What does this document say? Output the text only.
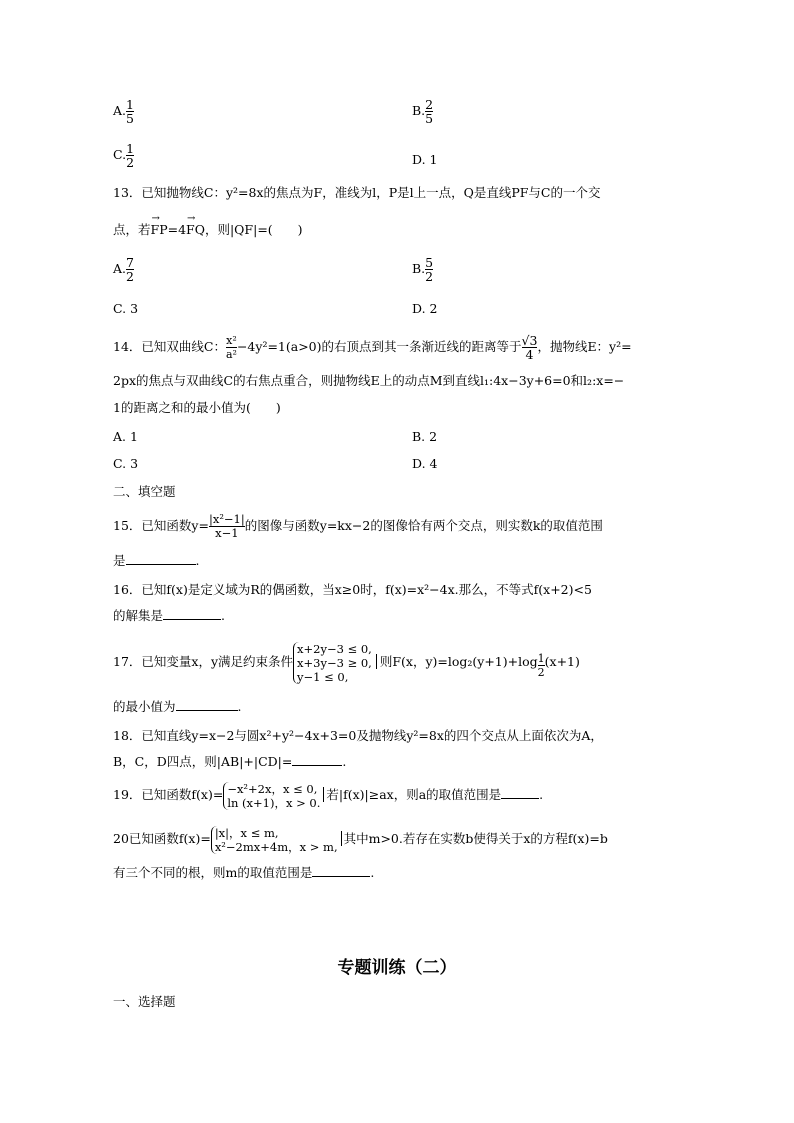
A. $\frac{1}{5}$	B. $\frac{2}{5}$
C. $\frac{1}{2}$	D. 1
13．已知抛物线C：y²=8x的焦点为F，准线为l，P是l上一点，Q是直线PF与C的一个交
点，若→ FP=4→ FQ，则|QF|=(　　)
A. $\frac{7}{2}$	B. $\frac{5}{2}$
C. 3	D. 2
14．已知双曲线C： $\frac{\text{x²}}{\text{a²}} -4y^2=1(a>0)$的右顶点到其一条渐近线的距离等于 $\frac{√3}{4}$ ，抛物线E：y²=
2px的焦点与双曲线C的右焦点重合，则抛物线E上的动点M到直线l₁:4x−3y+6=0和l₂:x=−
1的距离之和的最小值为(　　)
A. 1	B. 2
C. 3	D. 4
二、填空题
15．已知函数$y= \frac{\text{|x²−1|}}{x-1}$ 的图像与函数y=kx−2的图像恰有两个交点，则实数k的取值范围
是	.
16．已知f(x)是定义域为R的偶函数，当x≥0时，f(x)=x²−4x.那么，不等式f(x+2)<5
的解集是	.
17．已知变量x，y满足约束条件
x+2y−3 ≤ 0,
x+3y−3 ≥ 0,
y−1 ≤ 0,
则F(x，$y)=\log_2(y+1)+\log \frac{1}{2} (x+1)$
的最小值为	.
18．已知直线y=x−2与圆x²+y²−4x+3=0及抛物线y²=8x的四个交点从上面依次为A，
B，C，D四点，则|AB|+|CD|=	.
19．已知函数f(x)= −x²+2x，x ≤ 0,
ln (x+1)，x > 0.
若|f(x)|≥ax，则a的取值范围是	.
20已知函数f(x)= |x|，x ≤ m,
x²−2mx+4m，x > m,
其中m>0.若存在实数b使得关于x的方程f(x)=b
有三个不同的根，则m的取值范围是	.
专题训练（二）
一、选择题
